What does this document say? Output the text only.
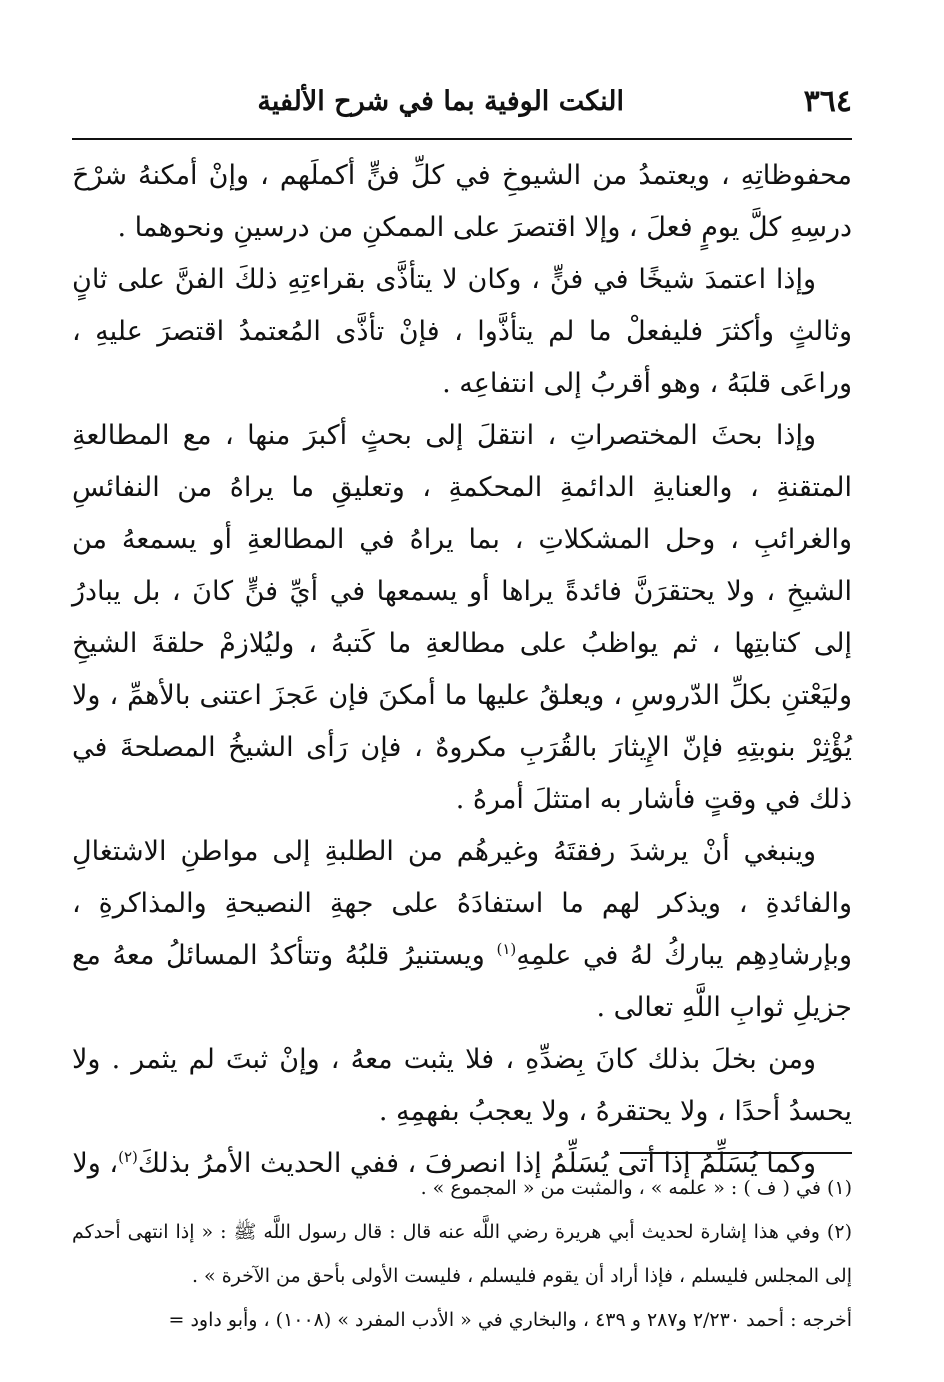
٣٦٤
النكت الوفية بما في شرح الألفية

محفوظاتِهِ ، ويعتمدُ من الشيوخِ في كلِّ فنٍّ أكملَهم ، وإنْ أمكنهُ شرْحَ درسِهِ كلَّ يومٍ فعلَ ، وإلا اقتصرَ على الممكنِ من درسينِ ونحوهما .

وإذا اعتمدَ شيخًا في فنٍّ ، وكان لا يتأذَّى بقراءتِهِ ذلكَ الفنَّ على ثانٍ وثالثٍ وأكثرَ فليفعلْ ما لم يتأذَّوا ، فإنْ تأذَّى المُعتمدُ اقتصرَ عليهِ ، وراعَى قلبَهُ ، وهو أقربُ إلى انتفاعِه .

وإذا بحثَ المختصراتِ ، انتقلَ إلى بحثٍ أكبرَ منها ، مع المطالعةِ المتقنةِ ، والعنايةِ الدائمةِ المحكمةِ ، وتعليقِ ما يراهُ من النفائسِ والغرائبِ ، وحل المشكلاتِ ، بما يراهُ في المطالعةِ أو يسمعهُ من الشيخِ ، ولا يحتقرَنَّ فائدةً يراها أو يسمعها في أيِّ فنٍّ كانَ ، بل يبادرُ إلى كتابتِها ، ثم يواظبُ على مطالعةِ ما كَتبهُ ، وليُلازمْ حلقةَ الشيخِ وليَعْتنِ بكلِّ الدّروسِ ، ويعلقُ عليها ما أمكنَ فإن عَجزَ اعتنى بالأهمِّ ، ولا يُؤْثِرْ بنوبتِهِ فإنّ الإِيثارَ بالقُرَبِ مكروهٌ ، فإن رَأى الشيخُ المصلحةَ في ذلك في وقتٍ فأشار به امتثلَ أمرهُ .

وينبغي أنْ يرشدَ رفقتَهُ وغيرهُم من الطلبةِ إلى مواطنِ الاشتغالِ والفائدةِ ، ويذكر لهم ما استفادَهُ على جهةِ النصيحةِ والمذاكرةِ ، وبإرشادِهِم يباركُ لهُ في علمِهِ$^{(١)}$ ويستنيرُ قلبُهُ وتتأكدُ المسائلُ معهُ مع جزيلِ ثوابِ اللَّهِ تعالى .

ومن بخلَ بذلك كانَ بِضدِّهِ ، فلا يثبت معهُ ، وإنْ ثبتَ لم يثمر . ولا يحسدُ أحدًا ، ولا يحتقرهُ ، ولا يعجبُ بفهمِهِ .

وكما يُسَلِّمُ إذا أتى يُسَلِّمُ إذا انصرفَ ، ففي الحديث الأمرُ بذلكَ$^{(٢)}$، ولا

(١) في ( ف ) : « علمه » ، والمثبت من « المجموع » .

(٢) وفي هذا إشارة لحديث أبي هريرة رضي اللَّه عنه قال : قال رسول اللَّه ﷺ : « إذا انتهى أحدكم إلى المجلس فليسلم ، فإذا أراد أن يقوم فليسلم ، فليست الأولى بأحق من الآخرة » .

أخرجه : أحمد ٢/٢٣٠ و٢٨٧ و ٤٣٩ ، والبخاري في « الأدب المفرد » (١٠٠٨) ، وأبو داود =
